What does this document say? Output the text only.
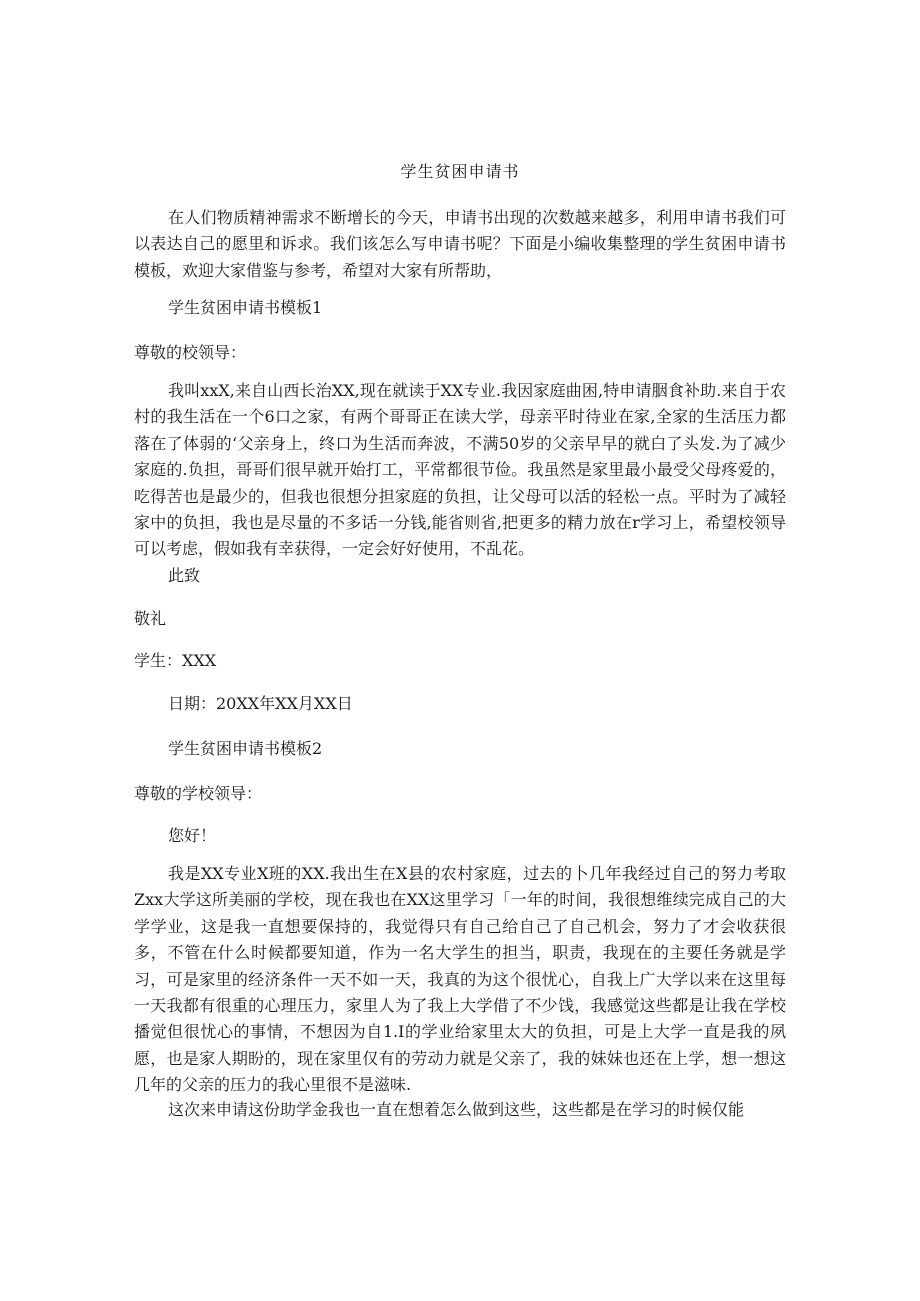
学生贫困申请书

在人们物质精神需求不断增长的今天，申请书出现的次数越来越多，利用申请书我们可以表达自己的愿里和诉求。我们该怎么写申请书呢？下面是小编收集整理的学生贫困申请书模板，欢迎大家借鉴与参考，希望对大家有所帮助，

学生贫困申请书模板1

尊敬的校领导：

我叫xxX,来自山西长治XX,现在就读于XX专业.我因家庭曲困,特申请胭食补助.来自于农村的我生活在一个6口之家，有两个哥哥正在读大学，母亲平时待业在家,全家的生活压力都落在了体弱的‘父亲身上，终口为生活而奔波，不满50岁的父亲早早的就白了头发.为了减少家庭的.负担，哥哥们很早就开始打工，平常都很节俭。我虽然是家里最小最受父母疼爱的，吃得苦也是最少的，但我也很想分担家庭的负担，让父母可以活的轻松一点。平时为了减轻家中的负担，我也是尽量的不多话一分钱,能省则省,把更多的精力放在r学习上，希望校领导可以考虑，假如我有幸获得，一定会好好使用，不乱花。

此致

敬礼

学生：XXX

日期：20XX年XX月XX日

学生贫困申请书模板2

尊敬的学校领导：

您好！

我是XX专业X班的XX.我出生在X县的农村家庭，过去的卜几年我经过自己的努力考取Zxx大学这所美丽的学校，现在我也在XX这里学习「一年的时间，我很想维续完成自己的大学学业，这是我一直想要保持的，我觉得只有自己给自己了自己机会，努力了才会收获很多，不管在什么时候都要知道，作为一名大学生的担当，职责，我现在的主要任务就是学习，可是家里的经济条件一天不如一天，我真的为这个很忧心，自我上广大学以来在这里每一天我都有很重的心理压力，家里人为了我上大学借了不少饯，我感觉这些都是让我在学校播觉但很忧心的事情，不想因为自1.I的学业给家里太大的负担，可是上大学一直是我的夙愿，也是家人期盼的，现在家里仅有的劳动力就是父亲了，我的妹妹也还在上学，想一想这几年的父亲的压力的我心里很不是滋味.

这次来申请这份助学金我也一直在想着怎么做到这些，这些都是在学习的时候仅能
